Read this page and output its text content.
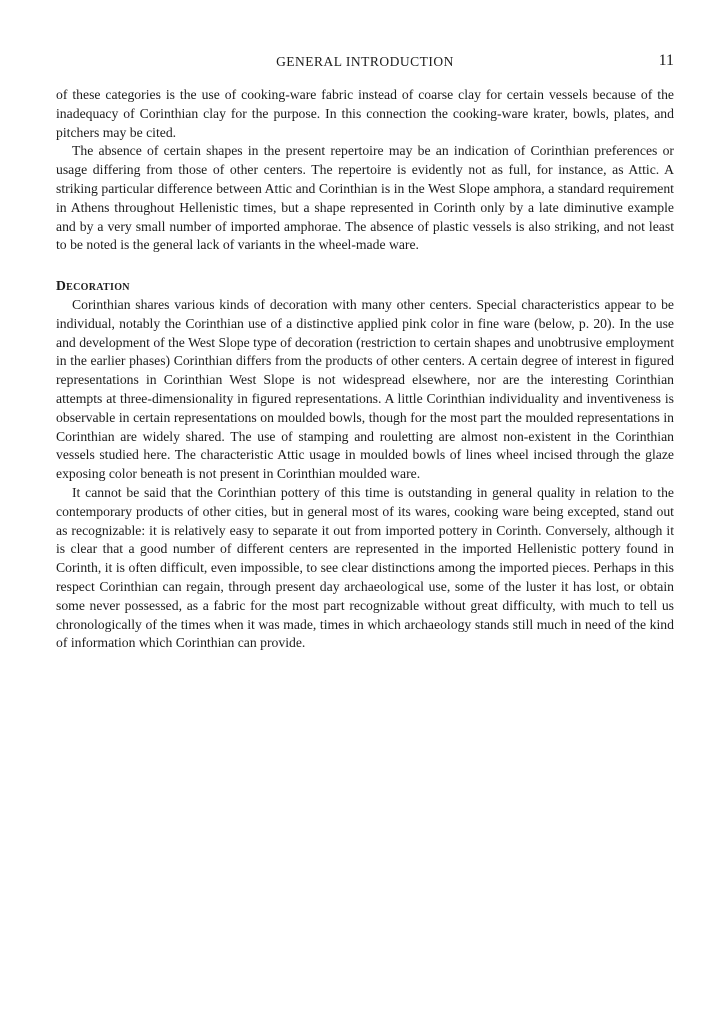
GENERAL INTRODUCTION	11

of these categories is the use of cooking-ware fabric instead of coarse clay for certain vessels because of the inadequacy of Corinthian clay for the purpose. In this connection the cooking-ware krater, bowls, plates, and pitchers may be cited.

The absence of certain shapes in the present repertoire may be an indication of Corinthian preferences or usage differing from those of other centers. The repertoire is evidently not as full, for instance, as Attic. A striking particular difference between Attic and Corinthian is in the West Slope amphora, a standard requirement in Athens throughout Hellenistic times, but a shape represented in Corinth only by a late diminutive example and by a very small number of imported amphorae. The absence of plastic vessels is also striking, and not least to be noted is the general lack of variants in the wheel-made ware.

Decoration

Corinthian shares various kinds of decoration with many other centers. Special characteristics appear to be individual, notably the Corinthian use of a distinctive applied pink color in fine ware (below, p. 20). In the use and development of the West Slope type of decoration (restriction to certain shapes and unobtrusive employment in the earlier phases) Corinthian differs from the products of other centers. A certain degree of interest in figured representations in Corinthian West Slope is not widespread elsewhere, nor are the interesting Corinthian attempts at three-dimensionality in figured representations. A little Corinthian individuality and inventiveness is observable in certain representations on moulded bowls, though for the most part the moulded representations in Corinthian are widely shared. The use of stamping and rouletting are almost non-existent in the Corinthian vessels studied here. The characteristic Attic usage in moulded bowls of lines wheel incised through the glaze exposing color beneath is not present in Corinthian moulded ware.

It cannot be said that the Corinthian pottery of this time is outstanding in general quality in relation to the contemporary products of other cities, but in general most of its wares, cooking ware being excepted, stand out as recognizable: it is relatively easy to separate it out from imported pottery in Corinth. Conversely, although it is clear that a good number of different centers are represented in the imported Hellenistic pottery found in Corinth, it is often difficult, even impossible, to see clear distinctions among the imported pieces. Perhaps in this respect Corinthian can regain, through present day archaeological use, some of the luster it has lost, or obtain some never possessed, as a fabric for the most part recognizable without great difficulty, with much to tell us chronologically of the times when it was made, times in which archaeology stands still much in need of the kind of information which Corinthian can provide.
